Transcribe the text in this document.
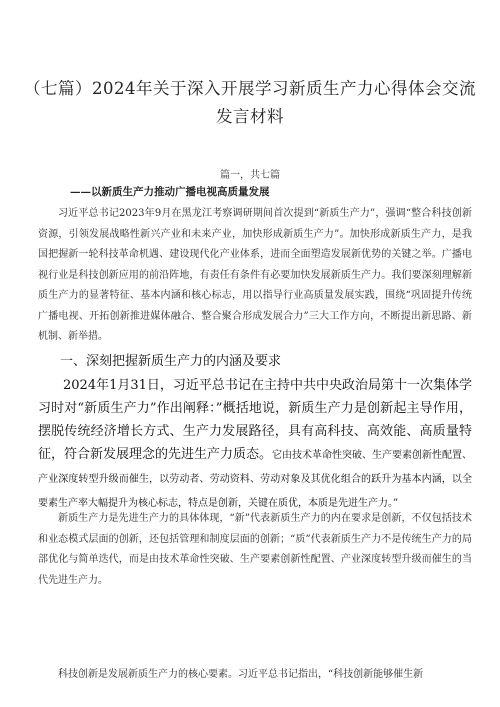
（七篇）2024年关于深入开展学习新质生产力心得体会交流
发言材料
篇一，共七篇
——以新质生产力推动广播电视高质量发展

习近平总书记2023年9月在黑龙江考察调研期间首次提到“新质生产力”，强调“整合科技创新资源，引领发展战略性新兴产业和未来产业，加快形成新质生产力”。加快形成新质生产力，是我国把握新一轮科技革命机遇、建设现代化产业体系，进而全面塑造发展新优势的关键之举。广播电视行业是科技创新应用的前沿阵地，有责任有条件有必要加快发展新质生产力。我们要深刻理解新质生产力的显著特征、基本内涵和核心标志，用以指导行业高质量发展实践，围绕“巩固提升传统广播电视、开拓创新推进媒体融合、整合聚合形成发展合力”三大工作方向，不断提出新思路、新机制、新举措。

一、深刻把握新质生产力的内涵及要求

2024年1月31日，习近平总书记在主持中共中央政治局第十一次集体学习时对“新质生产力”作出阐释：”概括地说，新质生产力是创新起主导作用，摆脱传统经济增长方式、生产力发展路径，具有高科技、高效能、高质量特征，符合新发展理念的先进生产力质态。它由技术革命性突破、生产要素创新性配置、产业深度转型升级而催生，以劳动者、劳动资料、劳动对象及其优化组合的跃升为基本内涵，以全要素生产率大幅提升为核心标志，特点是创新，关键在质优，本质是先进生产力。”

新质生产力是先进生产力的具体体现，“新”代表新质生产力的内在要求是创新，不仅包括技术和业态模式层面的创新，还包括管理和制度层面的创新；“质”代表新质生产力不是传统生产力的局部优化与简单迭代，而是由技术革命性突破、生产要素创新性配置、产业深度转型升级而催生的当代先进生产力。

科技创新是发展新质生产力的核心要素。习近平总书记指出，“科技创新能够催生新
